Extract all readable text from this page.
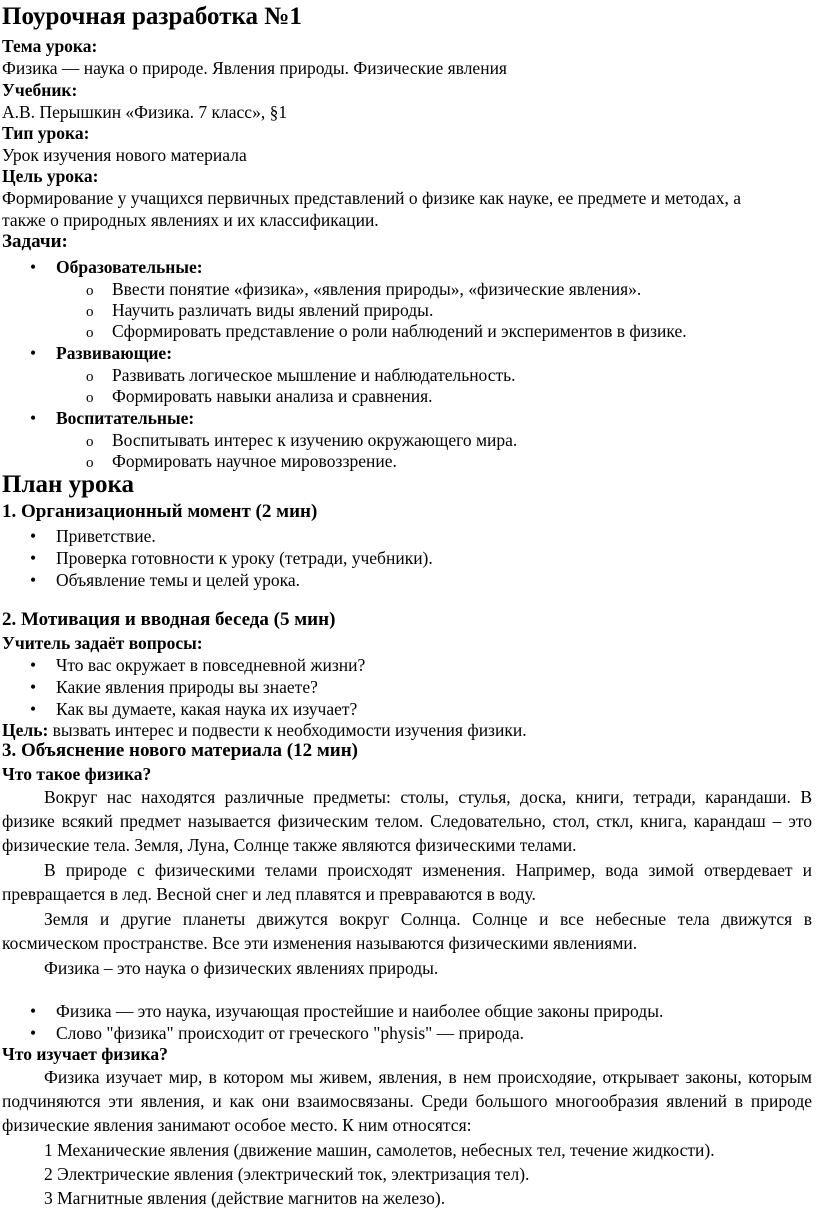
Поурочная разработка №1
Тема урока:
Физика — наука о природе. Явления природы. Физические явления
Учебник:
А.В. Перышкин «Физика. 7 класс», §1
Тип урока:
Урок изучения нового материала
Цель урока:
Формирование у учащихся первичных представлений о физике как науке, ее предмете и методах, а
также о природных явлениях и их классификации.
Задачи:
•
Образовательные:
o
Ввести понятие «физика», «явления природы», «физические явления».
o
Научить различать виды явлений природы.
o
Сформировать представление о роли наблюдений и экспериментов в физике.
•
Развивающие:
o
Развивать логическое мышление и наблюдательность.
o
Формировать навыки анализа и сравнения.
•
Воспитательные:
o
Воспитывать интерес к изучению окружающего мира.
o
Формировать научное мировоззрение.
План урока
1. Организационный момент (2 мин)
•
Приветствие.
•
Проверка готовности к уроку (тетради, учебники).
•
Объявление темы и целей урока.
2. Мотивация и вводная беседа (5 мин)
Учитель задаёт вопросы:
•
Что вас окружает в повседневной жизни?
•
Какие явления природы вы знаете?
•
Как вы думаете, какая наука их изучает?
Цель: вызвать интерес и подвести к необходимости изучения физики.
3. Объяснение нового материала (12 мин)
Что такое физика?
Вокруг нас находятся различные предметы: столы, стулья, доска, книги, тетради, карандаши. В физике всякий предмет называется физическим телом. Следовательно, стол, сткл, книга, карандаш – это физические тела. Земля, Луна, Солнце также являются физическими телами.
В природе с физическими телами происходят изменения. Например, вода зимой отвердевает и превращается в лед. Весной снег и лед плавятся и превраваются в воду.
Земля и другие планеты движутся вокруг Солнца. Солнце и все небесные тела движутся в космическом пространстве. Все эти изменения называются физическими явлениями.
Физика – это наука о физических явлениях природы.
•
Физика — это наука, изучающая простейшие и наиболее общие законы природы.
•
Слово "физика" происходит от греческого "physis" — природа.
Что изучает физика?
Физика изучает мир, в котором мы живем, явления, в нем происходяие, открывает законы, которым подчиняются эти явления, и как они взаимосвязаны. Среди большого многообразия явлений в природе физические явления занимают особое место. К ним относятся:
1 Механические явления (движение машин, самолетов, небесных тел, течение жидкости).
2 Электрические явления (электрический ток, электризация тел).
3 Магнитные явления (действие магнитов на железо).
